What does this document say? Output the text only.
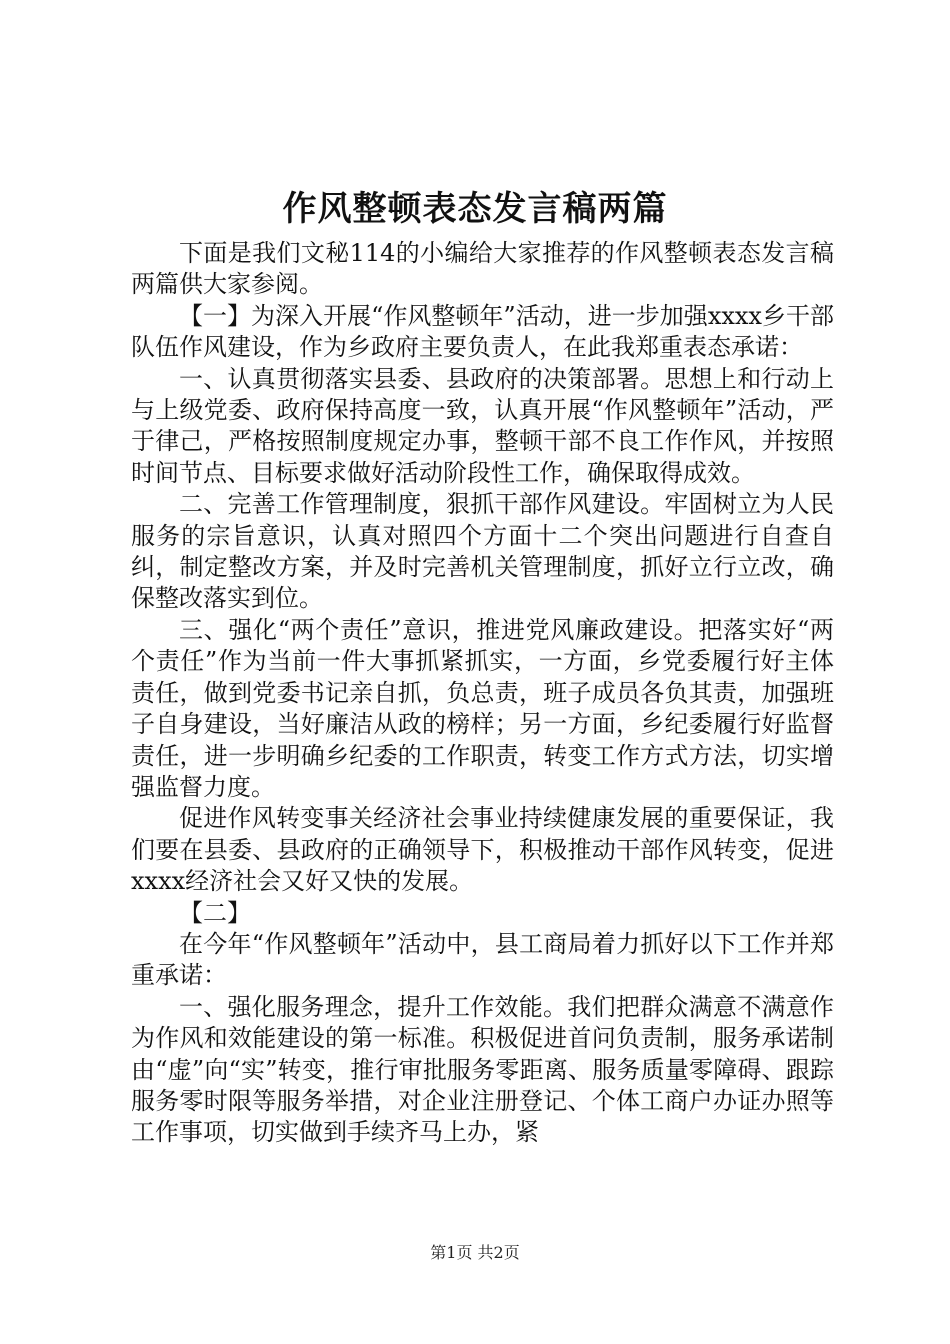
作风整顿表态发言稿两篇

下面是我们文秘114的小编给大家推荐的作风整顿表态发言稿两篇供大家参阅。

【一】为深入开展“作风整顿年”活动，进一步加强xxxx乡干部队伍作风建设，作为乡政府主要负责人，在此我郑重表态承诺：

一、认真贯彻落实县委、县政府的决策部署。思想上和行动上与上级党委、政府保持高度一致，认真开展“作风整顿年”活动，严于律己，严格按照制度规定办事，整顿干部不良工作作风，并按照时间节点、目标要求做好活动阶段性工作，确保取得成效。

二、完善工作管理制度，狠抓干部作风建设。牢固树立为人民服务的宗旨意识，认真对照四个方面十二个突出问题进行自查自纠，制定整改方案，并及时完善机关管理制度，抓好立行立改，确保整改落实到位。

三、强化“两个责任”意识，推进党风廉政建设。把落实好“两个责任”作为当前一件大事抓紧抓实，一方面，乡党委履行好主体责任，做到党委书记亲自抓，负总责，班子成员各负其责，加强班子自身建设，当好廉洁从政的榜样；另一方面，乡纪委履行好监督责任，进一步明确乡纪委的工作职责，转变工作方式方法，切实增强监督力度。

促进作风转变事关经济社会事业持续健康发展的重要保证，我们要在县委、县政府的正确领导下，积极推动干部作风转变，促进xxxx经济社会又好又快的发展。

【二】

在今年“作风整顿年”活动中，县工商局着力抓好以下工作并郑重承诺：

一、强化服务理念，提升工作效能。我们把群众满意不满意作为作风和效能建设的第一标准。积极促进首问负责制，服务承诺制由“虚”向“实”转变，推行审批服务零距离、服务质量零障碍、跟踪服务零时限等服务举措，对企业注册登记、个体工商户办证办照等工作事项，切实做到手续齐马上办，紧

第1页 共2页
